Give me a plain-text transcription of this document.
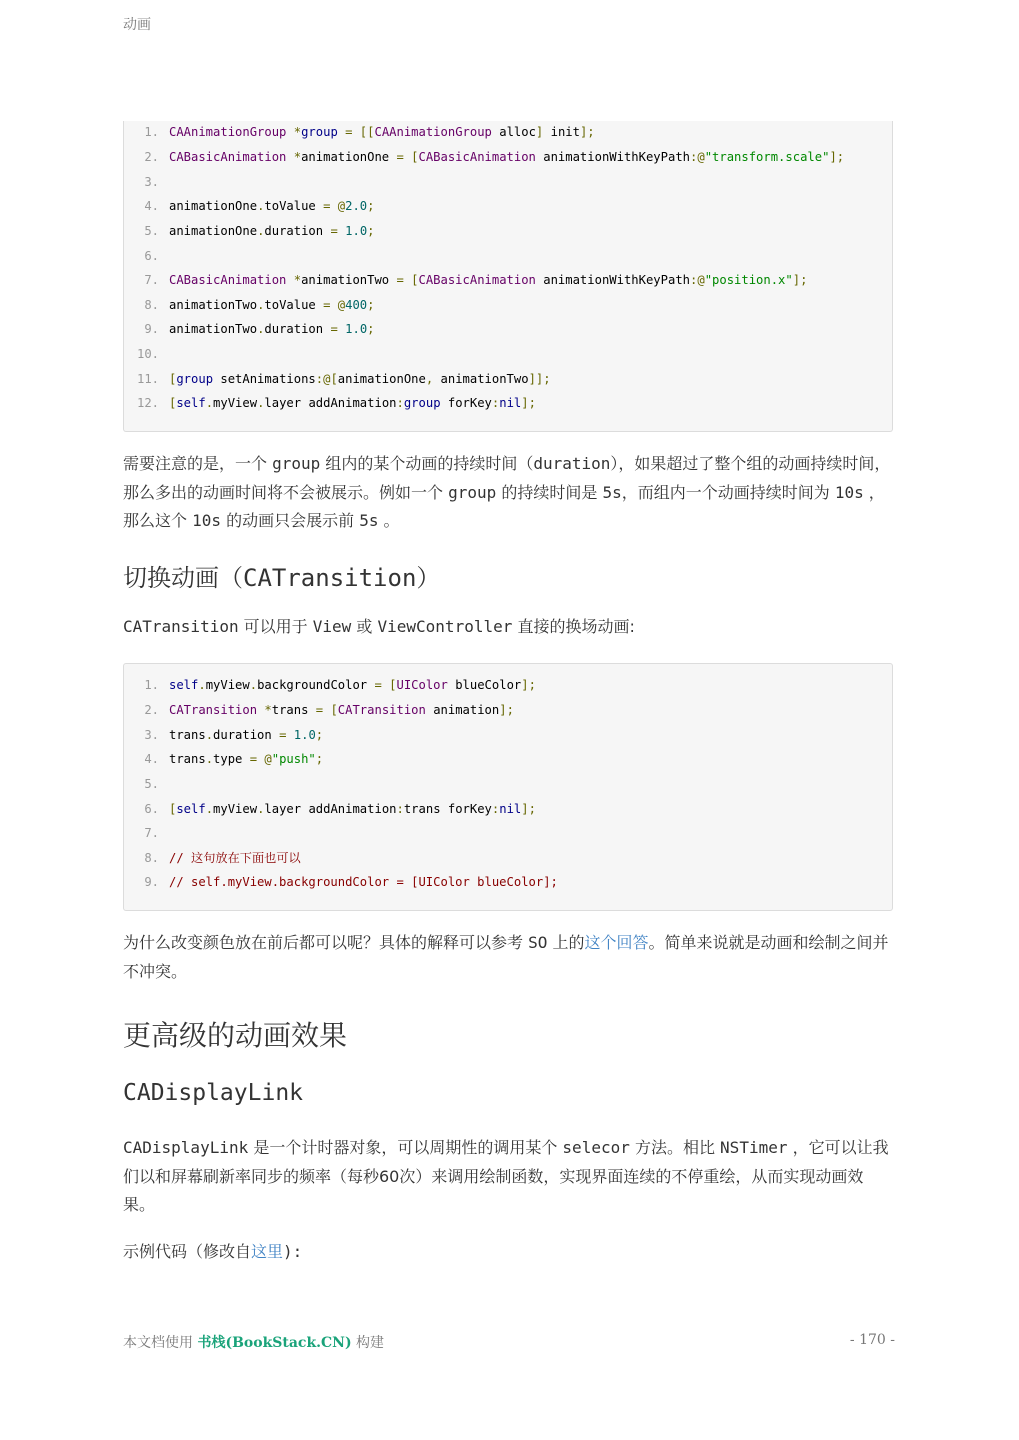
动画
1. CAAnimationGroup *group = [[CAAnimationGroup alloc] init];
2. CABasicAnimation *animationOne = [CABasicAnimation animationWithKeyPath:@"transform.scale"];
3.
4. animationOne.toValue = @2.0;
5. animationOne.duration = 1.0;
6.
7. CABasicAnimation *animationTwo = [CABasicAnimation animationWithKeyPath:@"position.x"];
8. animationTwo.toValue = @400;
9. animationTwo.duration = 1.0;
10.
11. [group setAnimations:@[animationOne, animationTwo]];
12. [self.myView.layer addAnimation:group forKey:nil];
需要注意的是，一个 group 组内的某个动画的持续时间（duration），如果超过了整个组的动画持续时间，那么多出的动画时间将不会被展示。例如一个 group 的持续时间是 5s，而组内一个动画持续时间为 10s ，那么这个 10s 的动画只会展示前 5s 。
切换动画（CATransition）
CATransition 可以用于 View 或 ViewController 直接的换场动画:
1. self.myView.backgroundColor = [UIColor blueColor];
2. CATransition *trans = [CATransition animation];
3. trans.duration = 1.0;
4. trans.type = @"push";
5.
6. [self.myView.layer addAnimation:trans forKey:nil];
7.
8. // 这句放在下面也可以
9. // self.myView.backgroundColor = [UIColor blueColor];
为什么改变颜色放在前后都可以呢？具体的解释可以参考 SO 上的这个回答。简单来说就是动画和绘制之间并不冲突。
更高级的动画效果
CADisplayLink
CADisplayLink 是一个计时器对象，可以周期性的调用某个 selecor 方法。相比 NSTimer ，它可以让我们以和屏幕刷新率同步的频率（每秒60次）来调用绘制函数，实现界面连续的不停重绘，从而实现动画效果。
示例代码（修改自这里):
本文档使用 书栈(BookStack.CN) 构建	- 170 -
